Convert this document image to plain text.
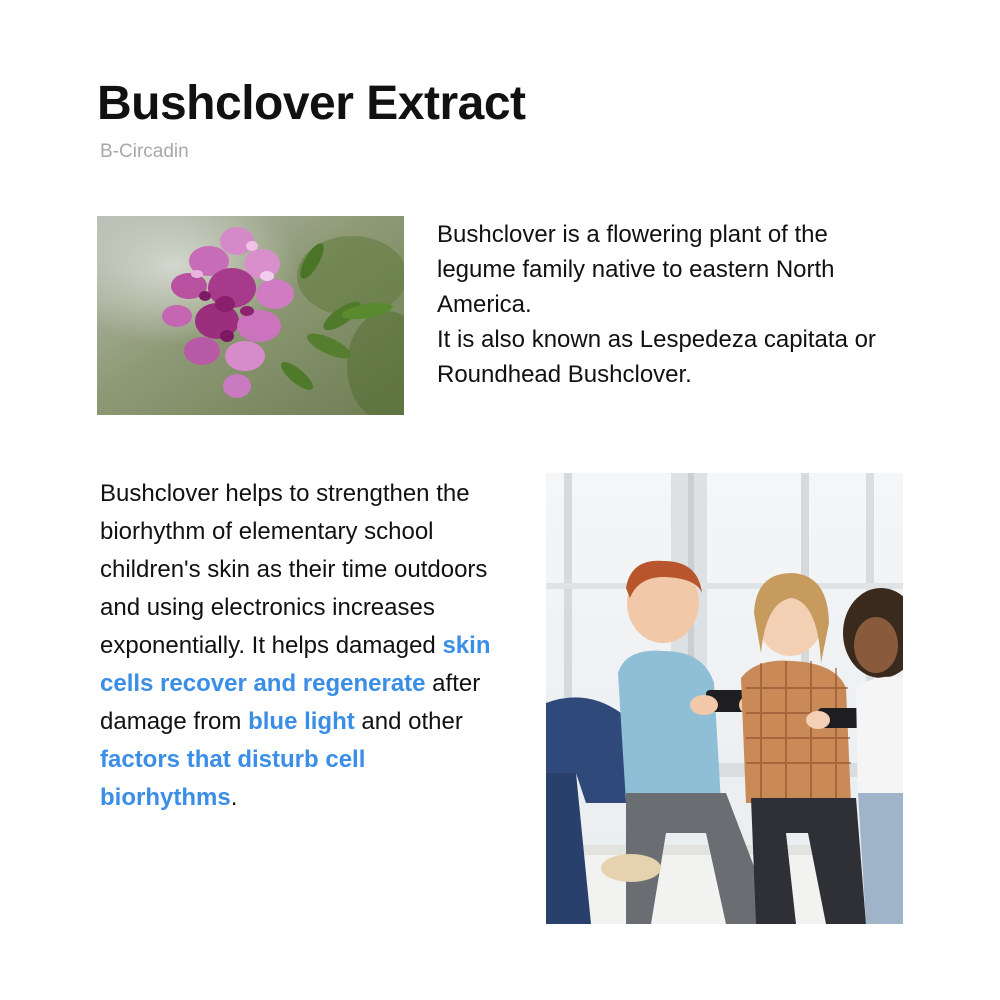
Bushclover Extract
B-Circadin

Bushclover is a flowering plant of the legume family native to eastern North America.

It is also known as Lespedeza capitata or Roundhead Bushclover.

Bushclover helps to strengthen the biorhythm of elementary school children's skin as their time outdoors and using electronics increases exponentially. It helps damaged skin cells recover and regenerate after damage from blue light and other factors that disturb cell biorhythms.
